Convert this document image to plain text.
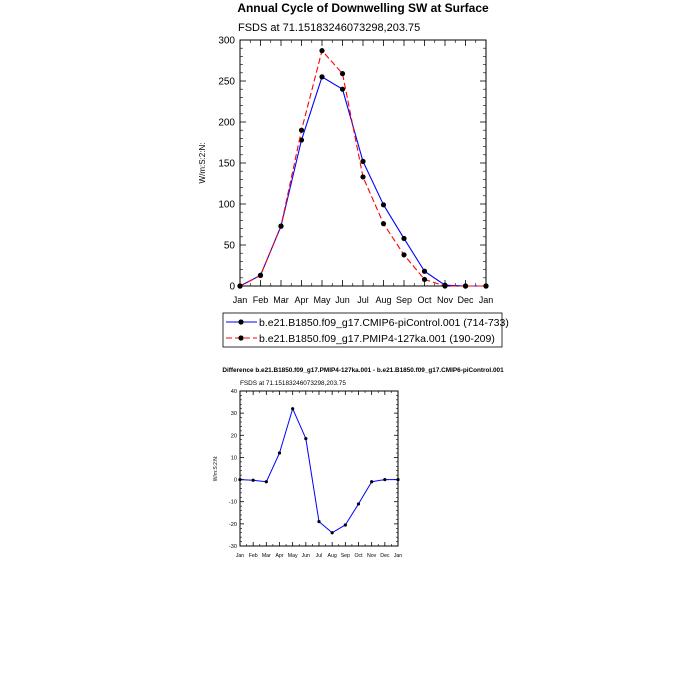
Annual Cycle of Downwelling SW at Surface
FSDS at 71.15183246073298,203.75
W/m:S:2:N:
Jan Feb Mar Apr May Jun Jul Aug Sep Oct Nov Dec Jan
0
50
100
150
200
250
300
b.e21.B1850.f09_g17.CMIP6-piControl.001 (714-733)
b.e21.B1850.f09_g17.PMIP4-127ka.001 (190-209)
Difference b.e21.B1850.f09_g17.PMIP4-127ka.001 - b.e21.B1850.f09_g17.CMIP6-piControl.001
FSDS at 71.15183246073298,203.75
W/m:S:2:N:
Jan Feb Mar Apr May Jun Jul Aug Sep Oct Nov Dec Jan
-30
-20
-10
0
10
20
30
40
